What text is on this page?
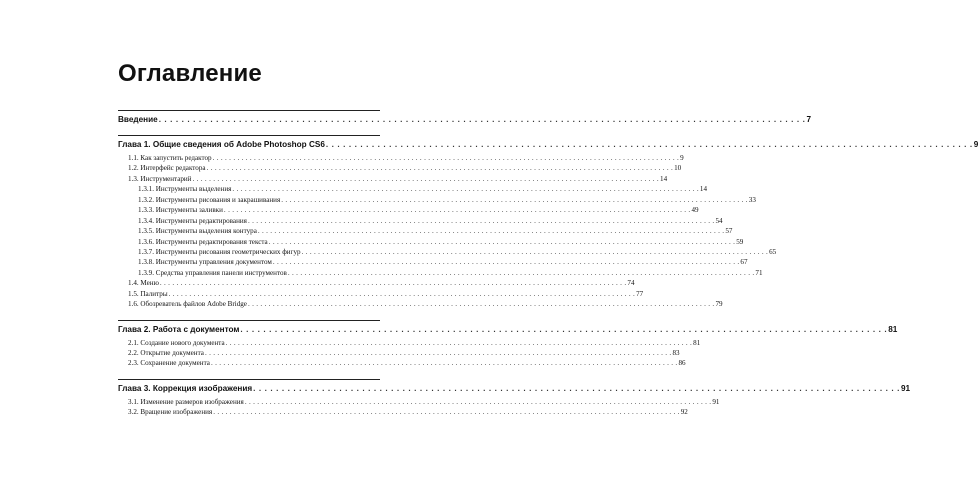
Оглавление
Введение . . . . . . . . . . . . . . . . . . . . . . . . . . . . . . . . . . . . . . . . . . . . . . . . . . . . . . . . . . . . . . . . . . . . . . . . . . . . . . . . . . . . . . . . . . . . . . . . . . . . . . . . . . . . . . . . . 7
Глава 1. Общие сведения об Adobe Photoshop CS6 . . . . . . . . . . . . . . . . . . . . . . . . . . . . . . . . . . . . . . . . . . . . . . . . . . . . . . . . . . . . . . . . . . . . . . . . . . . . . . . . . . . . . . . . . . . . . . . . . . . . . . . . . . . . . . . . . 9
1.1. Как запустить редактор . . . . . . . . . . . . . . . . . . . . . . . . . . . . . . . . . . . . . . . . . . . . . . . . . . . . . . . . . . . . . . . . . . . . . . . . . . . . . . . . . . . . . . . . . . . . . . . . . . . . . . . . . . . . . . . . . 9
1.2. Интерфейс редактора . . . . . . . . . . . . . . . . . . . . . . . . . . . . . . . . . . . . . . . . . . . . . . . . . . . . . . . . . . . . . . . . . . . . . . . . . . . . . . . . . . . . . . . . . . . . . . . . . . . . . . . . . . . . . . . . . 10
1.3. Инструментарий . . . . . . . . . . . . . . . . . . . . . . . . . . . . . . . . . . . . . . . . . . . . . . . . . . . . . . . . . . . . . . . . . . . . . . . . . . . . . . . . . . . . . . . . . . . . . . . . . . . . . . . . . . . . . . . . . 14
1.3.1. Инструменты выделения . . . . . . . . . . . . . . . . . . . . . . . . . . . . . . . . . . . . . . . . . . . . . . . . . . . . . . . . . . . . . . . . . . . . . . . . . . . . . . . . . . . . . . . . . . . . . . . . . . . . . . . . . . . . . . . . . 14
1.3.2. Инструменты рисования и закрашивания . . . . . . . . . . . . . . . . . . . . . . . . . . . . . . . . . . . . . . . . . . . . . . . . . . . . . . . . . . . . . . . . . . . . . . . . . . . . . . . . . . . . . . . . . . . . . . . . . . . . . . . . . . . . . . . . . 33
1.3.3. Инструменты заливки . . . . . . . . . . . . . . . . . . . . . . . . . . . . . . . . . . . . . . . . . . . . . . . . . . . . . . . . . . . . . . . . . . . . . . . . . . . . . . . . . . . . . . . . . . . . . . . . . . . . . . . . . . . . . . . . . 49
1.3.4. Инструменты редактирования . . . . . . . . . . . . . . . . . . . . . . . . . . . . . . . . . . . . . . . . . . . . . . . . . . . . . . . . . . . . . . . . . . . . . . . . . . . . . . . . . . . . . . . . . . . . . . . . . . . . . . . . . . . . . . . . . 54
1.3.5. Инструменты выделения контура . . . . . . . . . . . . . . . . . . . . . . . . . . . . . . . . . . . . . . . . . . . . . . . . . . . . . . . . . . . . . . . . . . . . . . . . . . . . . . . . . . . . . . . . . . . . . . . . . . . . . . . . . . . . . . . . . 57
1.3.6. Инструменты редактирования текста . . . . . . . . . . . . . . . . . . . . . . . . . . . . . . . . . . . . . . . . . . . . . . . . . . . . . . . . . . . . . . . . . . . . . . . . . . . . . . . . . . . . . . . . . . . . . . . . . . . . . . . . . . . . . . . . . 59
1.3.7. Инструменты рисования геометрических фигур . . . . . . . . . . . . . . . . . . . . . . . . . . . . . . . . . . . . . . . . . . . . . . . . . . . . . . . . . . . . . . . . . . . . . . . . . . . . . . . . . . . . . . . . . . . . . . . . . . . . . . . . . . . . . . . . . 65
1.3.8. Инструменты управления документом . . . . . . . . . . . . . . . . . . . . . . . . . . . . . . . . . . . . . . . . . . . . . . . . . . . . . . . . . . . . . . . . . . . . . . . . . . . . . . . . . . . . . . . . . . . . . . . . . . . . . . . . . . . . . . . . . 67
1.3.9. Средства управления панели инструментов . . . . . . . . . . . . . . . . . . . . . . . . . . . . . . . . . . . . . . . . . . . . . . . . . . . . . . . . . . . . . . . . . . . . . . . . . . . . . . . . . . . . . . . . . . . . . . . . . . . . . . . . . . . . . . . . . 71
1.4. Меню . . . . . . . . . . . . . . . . . . . . . . . . . . . . . . . . . . . . . . . . . . . . . . . . . . . . . . . . . . . . . . . . . . . . . . . . . . . . . . . . . . . . . . . . . . . . . . . . . . . . . . . . . . . . . . . . . 74
1.5. Палитры . . . . . . . . . . . . . . . . . . . . . . . . . . . . . . . . . . . . . . . . . . . . . . . . . . . . . . . . . . . . . . . . . . . . . . . . . . . . . . . . . . . . . . . . . . . . . . . . . . . . . . . . . . . . . . . . . 77
1.6. Обозреватель файлов Adobe Bridge . . . . . . . . . . . . . . . . . . . . . . . . . . . . . . . . . . . . . . . . . . . . . . . . . . . . . . . . . . . . . . . . . . . . . . . . . . . . . . . . . . . . . . . . . . . . . . . . . . . . . . . . . . . . . . . . . 79
Глава 2. Работа с документом . . . . . . . . . . . . . . . . . . . . . . . . . . . . . . . . . . . . . . . . . . . . . . . . . . . . . . . . . . . . . . . . . . . . . . . . . . . . . . . . . . . . . . . . . . . . . . . . . . . . . . . . . . . . . . . . . 81
2.1. Создание нового документа . . . . . . . . . . . . . . . . . . . . . . . . . . . . . . . . . . . . . . . . . . . . . . . . . . . . . . . . . . . . . . . . . . . . . . . . . . . . . . . . . . . . . . . . . . . . . . . . . . . . . . . . . . . . . . . . . 81
2.2. Открытие документа . . . . . . . . . . . . . . . . . . . . . . . . . . . . . . . . . . . . . . . . . . . . . . . . . . . . . . . . . . . . . . . . . . . . . . . . . . . . . . . . . . . . . . . . . . . . . . . . . . . . . . . . . . . . . . . . . 83
2.3. Сохранение документа . . . . . . . . . . . . . . . . . . . . . . . . . . . . . . . . . . . . . . . . . . . . . . . . . . . . . . . . . . . . . . . . . . . . . . . . . . . . . . . . . . . . . . . . . . . . . . . . . . . . . . . . . . . . . . . . . 86
Глава 3. Коррекция изображения . . . . . . . . . . . . . . . . . . . . . . . . . . . . . . . . . . . . . . . . . . . . . . . . . . . . . . . . . . . . . . . . . . . . . . . . . . . . . . . . . . . . . . . . . . . . . . . . . . . . . . . . . . . . . . . . . 91
3.1. Изменение размеров изображения . . . . . . . . . . . . . . . . . . . . . . . . . . . . . . . . . . . . . . . . . . . . . . . . . . . . . . . . . . . . . . . . . . . . . . . . . . . . . . . . . . . . . . . . . . . . . . . . . . . . . . . . . . . . . . . . . 91
3.2. Вращение изображения . . . . . . . . . . . . . . . . . . . . . . . . . . . . . . . . . . . . . . . . . . . . . . . . . . . . . . . . . . . . . . . . . . . . . . . . . . . . . . . . . . . . . . . . . . . . . . . . . . . . . . . . . . . . . . . . . 92
